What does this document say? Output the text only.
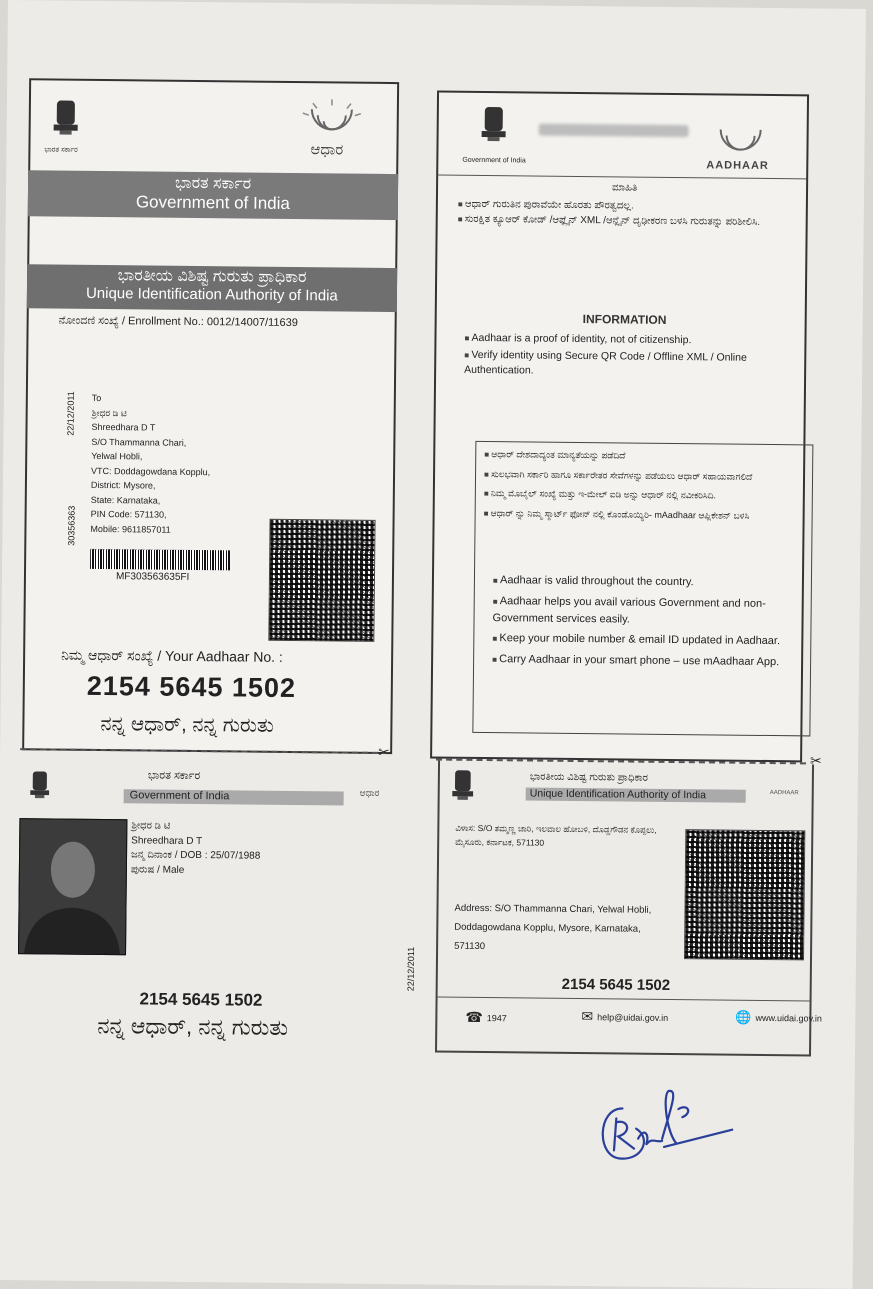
ಭಾರತ ಸರ್ಕಾರ	ಆಧಾರ
ಭಾರತ ಸರ್ಕಾರ
Government of India
ಭಾರತೀಯ ವಿಶಿಷ್ಟ ಗುರುತು ಪ್ರಾಧಿಕಾರ
Unique Identification Authority of India
ನೋಂದಣಿ ಸಂಖ್ಯೆ / Enrollment No.: 0012/14007/11639
22/12/2011
30356363
To
ಶ್ರೀಧರ ಡಿ ಟಿ
Shreedhara D T
S/O Thammanna Chari,
Yelwal Hobli,
VTC: Doddagowdana Kopplu,
District: Mysore,
State: Karnataka,
PIN Code: 571130,
Mobile: 9611857011
MF303563635FI
ನಿಮ್ಮ ಆಧಾರ್ ಸಂಖ್ಯೆ / Your Aadhaar No. :
2154 5645 1502
ನನ್ನ ಆಧಾರ್, ನನ್ನ ಗುರುತು
✂
ಭಾರತ ಸರ್ಕಾರ
Government of India	ಆಧಾರ
ಶ್ರೀಧರ ಡಿ ಟಿ
Shreedhara D T
ಜನ್ಮ ದಿನಾಂಕ / DOB : 25/07/1988
ಪುರುಷ / Male
22/12/2011
2154 5645 1502
ನನ್ನ ಆಧಾರ್, ನನ್ನ ಗುರುತು
Government of India	AADHAAR
ಮಾಹಿತಿ
■ ಆಧಾರ್ ಗುರುತಿನ ಪುರಾವೆಯೇ ಹೊರತು ಪೌರತ್ವದಲ್ಲ.
■ ಸುರಕ್ಷಿತ ಕ್ಯೂಆರ್ ಕೋಡ್ /ಆಫ್ಲೈನ್ XML /ಆನ್ಲೈನ್ ದೃಢೀಕರಣ ಬಳಸಿ ಗುರುತನ್ನು ಪರಿಶೀಲಿಸಿ.
INFORMATION
■ Aadhaar is a proof of identity, not of citizenship.
■ Verify identity using Secure QR Code / Offline XML / Online Authentication.
■ ಆಧಾರ್ ದೇಶದಾದ್ಯಂತ ಮಾನ್ಯತೆಯನ್ನು ಪಡೆದಿದೆ
■ ಸುಲಭವಾಗಿ ಸರ್ಕಾರಿ ಹಾಗೂ ಸರ್ಕಾರೇತರ ಸೇವೆಗಳನ್ನು ಪಡೆಯಲು ಆಧಾರ್ ಸಹಾಯವಾಗಲಿದೆ
■ ನಿಮ್ಮ ಮೊಬೈಲ್ ಸಂಖ್ಯೆ ಮತ್ತು ಇ-ಮೇಲ್ ಐಡಿ ಅನ್ನು ಆಧಾರ್ ನಲ್ಲಿ ನವೀಕರಿಸಿದಿ.
■ ಆಧಾರ್ ನ್ನು ನಿಮ್ಮ ಸ್ಮಾರ್ಟ್ ಫೋನ್ ನಲ್ಲಿ ಕೊಂಡೊಯ್ಯಿರಿ- mAadhaar ಆಪ್ಲಿಕೇಶನ್ ಬಳಸಿ
■ Aadhaar is valid throughout the country.
■ Aadhaar helps you avail various Government and non-Government services easily.
■ Keep your mobile number & email ID updated in Aadhaar.
■ Carry Aadhaar in your smart phone – use mAadhaar App.
✂
ಭಾರತೀಯ ವಿಶಿಷ್ಟ ಗುರುತು ಪ್ರಾಧಿಕಾರ
Unique Identification Authority of India	AADHAAR
ವಿಳಾಸ: S/O ತಮ್ಮಣ್ಣ ಚಾರಿ, ಇಲವಾಲ ಹೋಬಳಿ, ದೊಡ್ಡಗೌಡನ ಕೊಪ್ಪಲು, ಮೈಸೂರು, ಕರ್ನಾಟಕ, 571130
Address: S/O Thammanna Chari, Yelwal Hobli, Doddagowdana Kopplu, Mysore, Karnataka, 571130
2154 5645 1502
☎ 1947	✉ help@uidai.gov.in	🌐 www.uidai.gov.in
